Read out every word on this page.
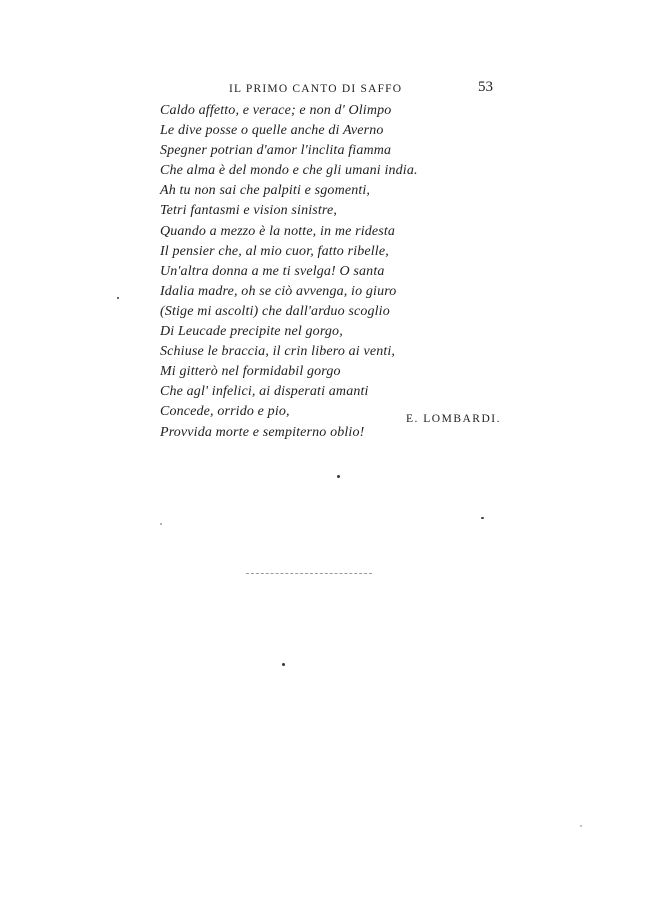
IL PRIMO CANTO DI SAFFO	53
Caldo affetto, e verace; e non d' Olimpo
Le dive posse o quelle anche di Averno
Spegner potrian d'amor l'inclita fiamma
Che alma è del mondo e che gli umani india.
Ah tu non sai che palpiti e sgomenti,
Tetri fantasmi e vision sinistre,
Quando a mezzo è la notte, in me ridesta
Il pensier che, al mio cuor, fatto ribelle,
Un'altra donna a me ti svelga! O santa
Idalia madre, oh se ciò avvenga, io giuro
(Stige mi ascolti) che dall'arduo scoglio
Di Leucade precipite nel gorgo,
Schiuse le braccia, il crin libero ai venti,
Mi gitterò nel formidabil gorgo
Che agl' infelici, ai disperati amanti
Concede, orrido e pio,
Provvida morte e sempiterno oblio!
E. LOMBARDI.
